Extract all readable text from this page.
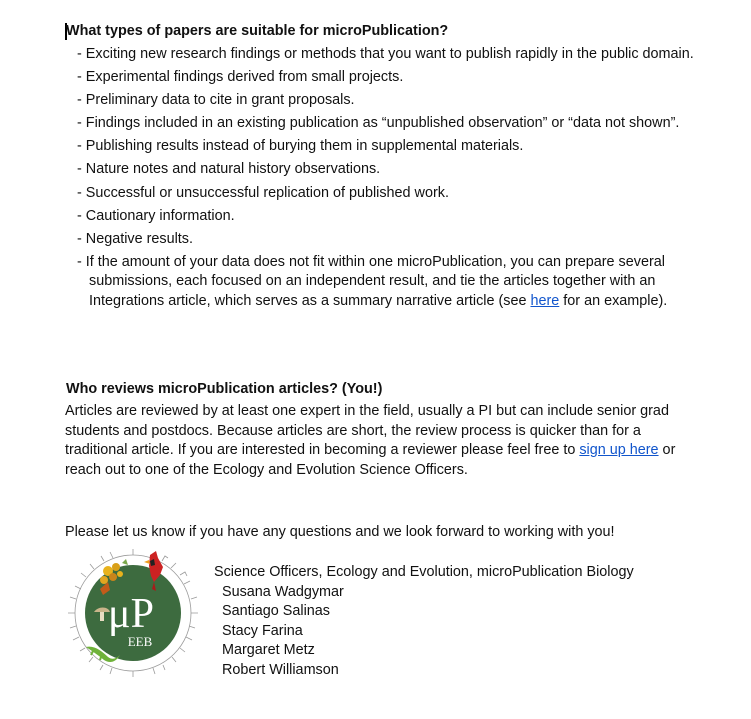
What types of papers are suitable for microPublication?
- Exciting new research findings or methods that you want to publish rapidly in the public domain.
- Experimental findings derived from small projects.
- Preliminary data to cite in grant proposals.
- Findings included in an existing publication as “unpublished observation” or “data not shown”.
- Publishing results instead of burying them in supplemental materials.
- Nature notes and natural history observations.
- Successful or unsuccessful replication of published work.
- Cautionary information.
- Negative results.
- If the amount of your data does not fit within one microPublication, you can prepare several submissions, each focused on an independent result, and tie the articles together with an Integrations article, which serves as a summary narrative article (see here for an example).
Who reviews microPublication articles? (You!)

Articles are reviewed by at least one expert in the field, usually a PI but can include senior grad students and postdocs. Because articles are short, the review process is quicker than for a traditional article. If you are interested in becoming a reviewer please feel free to sign up here or reach out to one of the Ecology and Evolution Science Officers.

Please let us know if you have any questions and we look forward to working with you!

μP
EEB
Science Officers, Ecology and Evolution, microPublication Biology
Susana Wadgymar
Santiago Salinas
Stacy Farina
Margaret Metz
Robert Williamson
